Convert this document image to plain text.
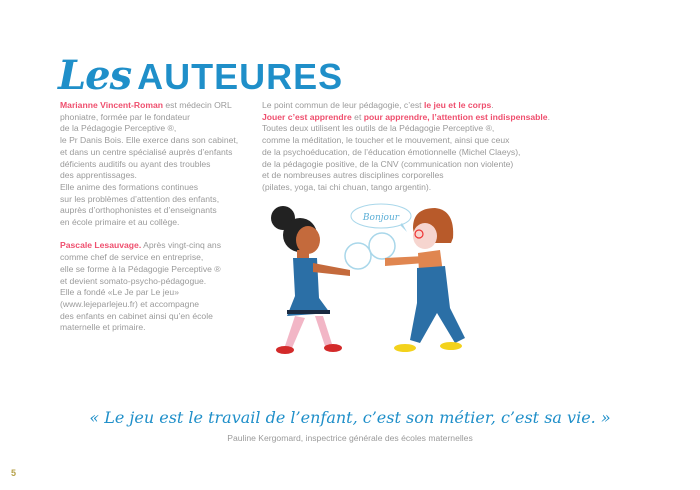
Les AUTEURES

Marianne Vincent-Roman est médecin ORL
phoniatre, formée par le fondateur
de la Pédagogie Perceptive ®,
le Pr Danis Bois. Elle exerce dans son cabinet,
et dans un centre spécialisé auprès d’enfants
déficients auditifs ou ayant des troubles
des apprentissages.
Elle anime des formations continues
sur les problèmes d’attention des enfants,
auprès d’orthophonistes et d’enseignants
en école primaire et au collège.

Pascale Lesauvage. Après vingt-cinq ans
comme chef de service en entreprise,
elle se forme à la Pédagogie Perceptive ®
et devient somato-psycho-pédagogue.
Elle a fondé «Le Je par Le jeu»
(www.lejeparlejeu.fr) et accompagne
des enfants en cabinet ainsi qu’en école
maternelle et primaire.

Le point commun de leur pédagogie, c’est le jeu et le corps.
Jouer c’est apprendre et pour apprendre, l’attention est indispensable.
Toutes deux utilisent les outils de la Pédagogie Perceptive ®,
comme la méditation, le toucher et le mouvement, ainsi que ceux
de la psychoéducation, de l’éducation émotionnelle (Michel Claeys),
de la pédagogie positive, de la CNV (communication non violente)
et de nombreuses autres disciplines corporelles
(pilates, yoga, tai chi chuan, tango argentin).
Bonjour
« Le jeu est le travail de l’enfant, c’est son métier, c’est sa vie. »
Pauline Kergomard, inspectrice générale des écoles maternelles
5
